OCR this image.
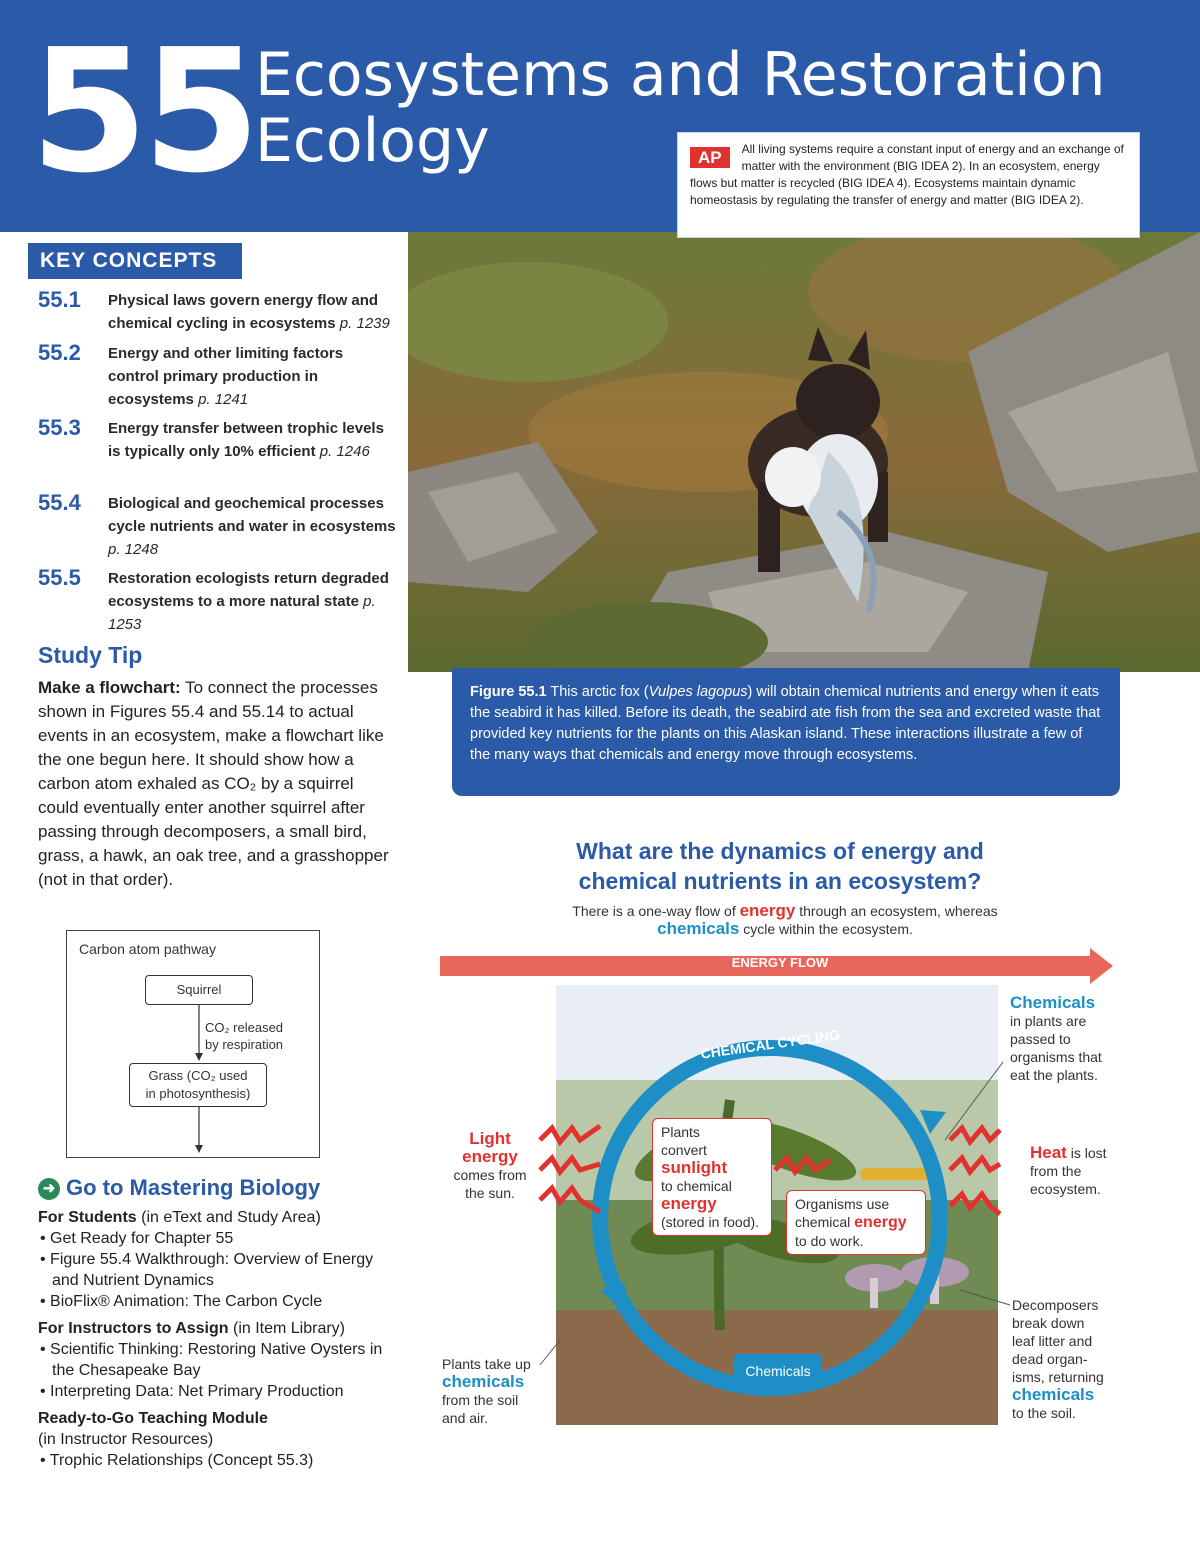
55 Ecosystems and Restoration
Ecology	AP	All living systems require a constant input of energy and an exchange of matter with the environment (BIG IDEA 2). In an ecosystem, energy flows but matter is recycled (BIG IDEA 4). Ecosystems maintain dynamic homeostasis by regulating the transfer of energy and matter (BIG IDEA 2).
KEY CONCEPTS
55.1 Physical laws govern energy flow and chemical cycling in ecosystems p. 1239
55.2 Energy and other limiting factors control primary production in ecosystems p. 1241
55.3 Energy transfer between trophic levels is typically only 10% efficient p. 1246
55.4 Biological and geochemical processes cycle nutrients and water in ecosystems p. 1248
55.5 Restoration ecologists return degraded ecosystems to a more natural state p. 1253
Study Tip
Make a flowchart: To connect the processes shown in Figures 55.4 and 55.14 to actual events in an ecosystem, make a flowchart like the one begun here. It should show how a carbon atom exhaled as CO₂ by a squirrel could eventually enter another squirrel after passing through decomposers, a small bird, grass, a hawk, an oak tree, and a grasshopper (not in that order).
Carbon atom pathway
Squirrel
CO₂ released
by respiration
Grass (CO₂ used
in photosynthesis)
➜ Go to Mastering Biology
For Students (in eText and Study Area)
• Get Ready for Chapter 55
• Figure 55.4 Walkthrough: Overview of Energy and Nutrient Dynamics
• BioFlix® Animation: The Carbon Cycle
For Instructors to Assign (in Item Library)
• Scientific Thinking: Restoring Native Oysters in the Chesapeake Bay
• Interpreting Data: Net Primary Production
Ready-to-Go Teaching Module
(in Instructor Resources)
• Trophic Relationships (Concept 55.3)
Figure 55.1 This arctic fox (Vulpes lagopus) will obtain chemical nutrients and energy when it eats the seabird it has killed. Before its death, the seabird ate fish from the sea and excreted waste that provided key nutrients for the plants on this Alaskan island. These interactions illustrate a few of the many ways that chemicals and energy move through ecosystems.
What are the dynamics of energy and
chemical nutrients in an ecosystem?
There is a one-way flow of energy through an ecosystem, whereas
chemicals cycle within the ecosystem.
ENERGY FLOW
CHEMICAL CYCLING
Light
energy
comes from
the sun.
Plants
convert
sunlight
to chemical
energy
(stored in food).
Organisms use
chemical energy
to do work.
Chemicals
in plants are
passed to
organisms that
eat the plants.
Heat is lost
from the
ecosystem.
Plants take up
chemicals
from the soil
and air.
Decomposers
break down
leaf litter and
dead organ-
isms, returning
chemicals
to the soil.
Chemicals
